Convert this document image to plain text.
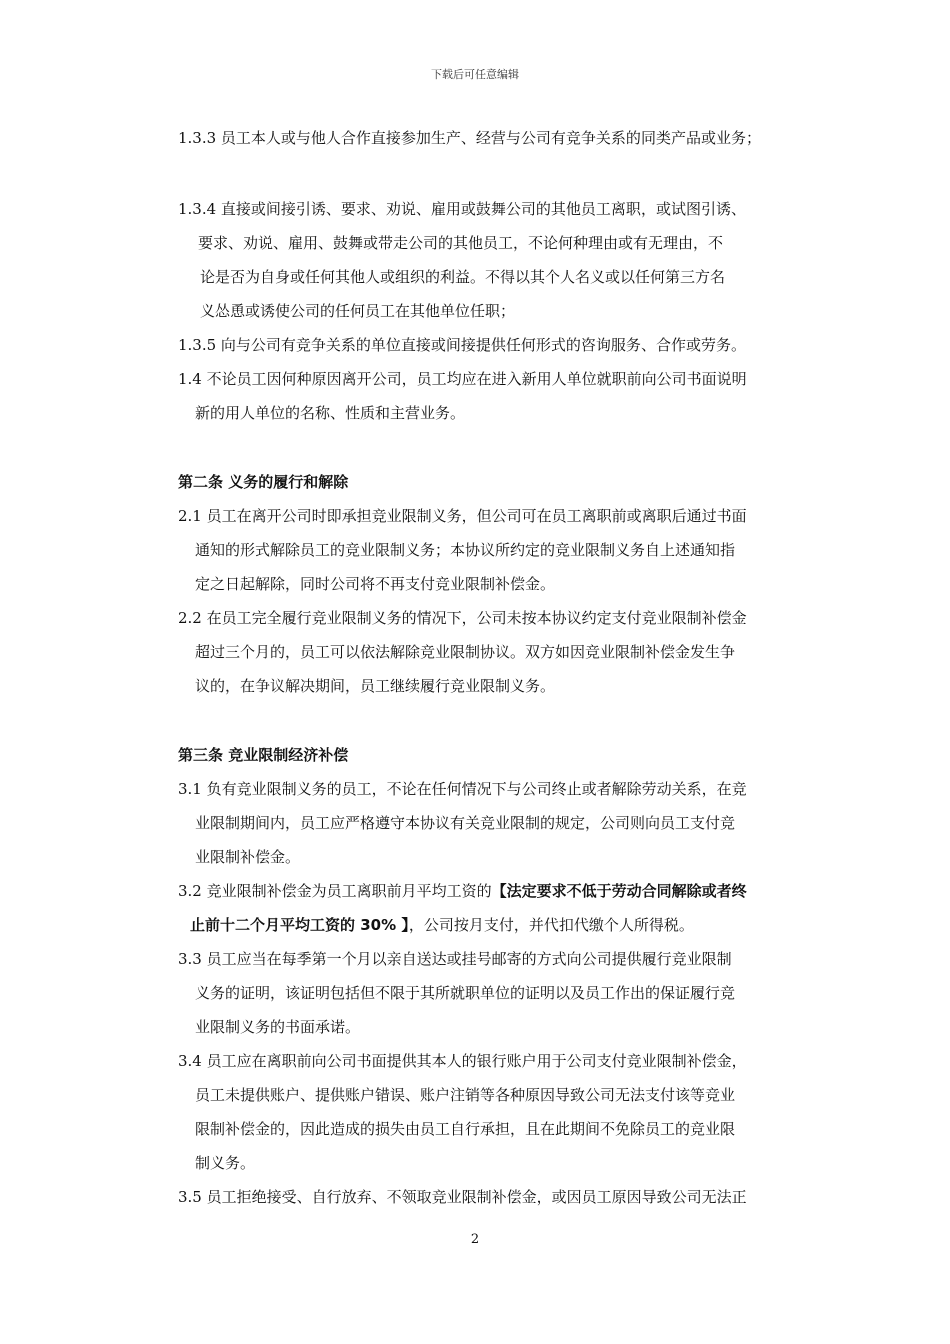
下载后可任意编辑
1.3.3 员工本人或与他人合作直接参加生产、经营与公司有竞争关系的同类产品或业务；
1.3.4 直接或间接引诱、要求、劝说、雇用或鼓舞公司的其他员工离职，或试图引诱、
要求、劝说、雇用、鼓舞或带走公司的其他员工，不论何种理由或有无理由，不
论是否为自身或任何其他人或组织的利益。不得以其个人名义或以任何第三方名
义怂恿或诱使公司的任何员工在其他单位任职；
1.3.5 向与公司有竞争关系的单位直接或间接提供任何形式的咨询服务、合作或劳务。
1.4 不论员工因何种原因离开公司，员工均应在进入新用人单位就职前向公司书面说明
新的用人单位的名称、性质和主营业务。
第二条 义务的履行和解除
2.1 员工在离开公司时即承担竞业限制义务，但公司可在员工离职前或离职后通过书面
通知的形式解除员工的竞业限制义务；本协议所约定的竞业限制义务自上述通知指
定之日起解除，同时公司将不再支付竞业限制补偿金。
2.2 在员工完全履行竞业限制义务的情况下，公司未按本协议约定支付竞业限制补偿金
超过三个月的，员工可以依法解除竞业限制协议。双方如因竞业限制补偿金发生争
议的，在争议解决期间，员工继续履行竞业限制义务。
第三条 竞业限制经济补偿
3.1 负有竞业限制义务的员工，不论在任何情况下与公司终止或者解除劳动关系，在竞
业限制期间内，员工应严格遵守本协议有关竞业限制的规定，公司则向员工支付竞
业限制补偿金。
3.2 竞业限制补偿金为员工离职前月平均工资的【法定要求不低于劳动合同解除或者终
止前十二个月平均工资的 30% 】，公司按月支付，并代扣代缴个人所得税。
3.3 员工应当在每季第一个月以亲自送达或挂号邮寄的方式向公司提供履行竞业限制
义务的证明，该证明包括但不限于其所就职单位的证明以及员工作出的保证履行竞
业限制义务的书面承诺。
3.4 员工应在离职前向公司书面提供其本人的银行账户用于公司支付竞业限制补偿金，
员工未提供账户、提供账户错误、账户注销等各种原因导致公司无法支付该等竞业
限制补偿金的，因此造成的损失由员工自行承担，且在此期间不免除员工的竞业限
制义务。
3.5 员工拒绝接受、自行放弃、不领取竞业限制补偿金，或因员工原因导致公司无法正
2
